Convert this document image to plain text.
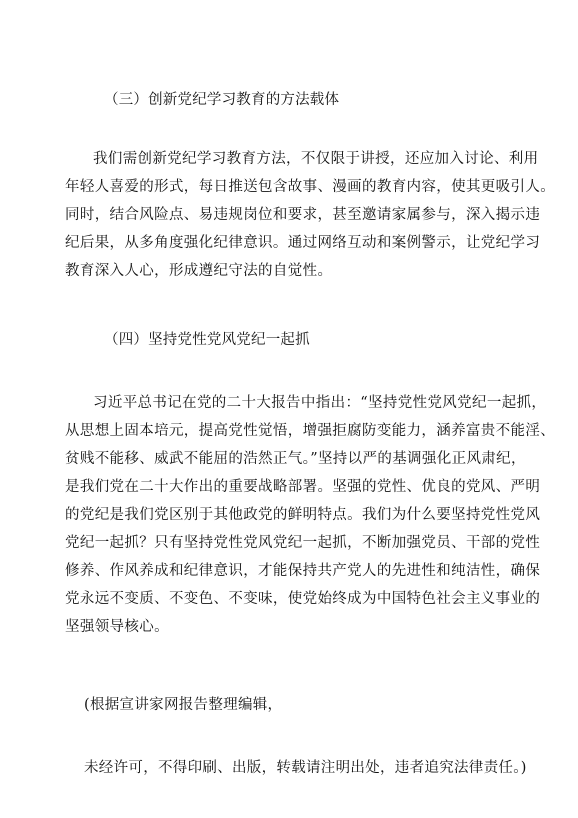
（三）创新党纪学习教育的方法载体
我们需创新党纪学习教育方法，不仅限于讲授，还应加入讨论、利用
年轻人喜爱的形式，每日推送包含故事、漫画的教育内容，使其更吸引人。
同时，结合风险点、易违规岗位和要求，甚至邀请家属参与，深入揭示违
纪后果，从多角度强化纪律意识。通过网络互动和案例警示，让党纪学习
教育深入人心，形成遵纪守法的自觉性。
（四）坚持党性党风党纪一起抓
习近平总书记在党的二十大报告中指出：“坚持党性党风党纪一起抓，
从思想上固本培元，提高党性觉悟，增强拒腐防变能力，涵养富贵不能淫、
贫贱不能移、威武不能屈的浩然正气。”坚持以严的基调强化正风肃纪，
是我们党在二十大作出的重要战略部署。坚强的党性、优良的党风、严明
的党纪是我们党区别于其他政党的鲜明特点。我们为什么要坚持党性党风
党纪一起抓？只有坚持党性党风党纪一起抓，不断加强党员、干部的党性
修养、作风养成和纪律意识，才能保持共产党人的先进性和纯洁性，确保
党永远不变质、不变色、不变味，使党始终成为中国特色社会主义事业的
坚强领导核心。
(根据宣讲家网报告整理编辑，
未经许可，不得印刷、出版，转载请注明出处，违者追究法律责任。)
